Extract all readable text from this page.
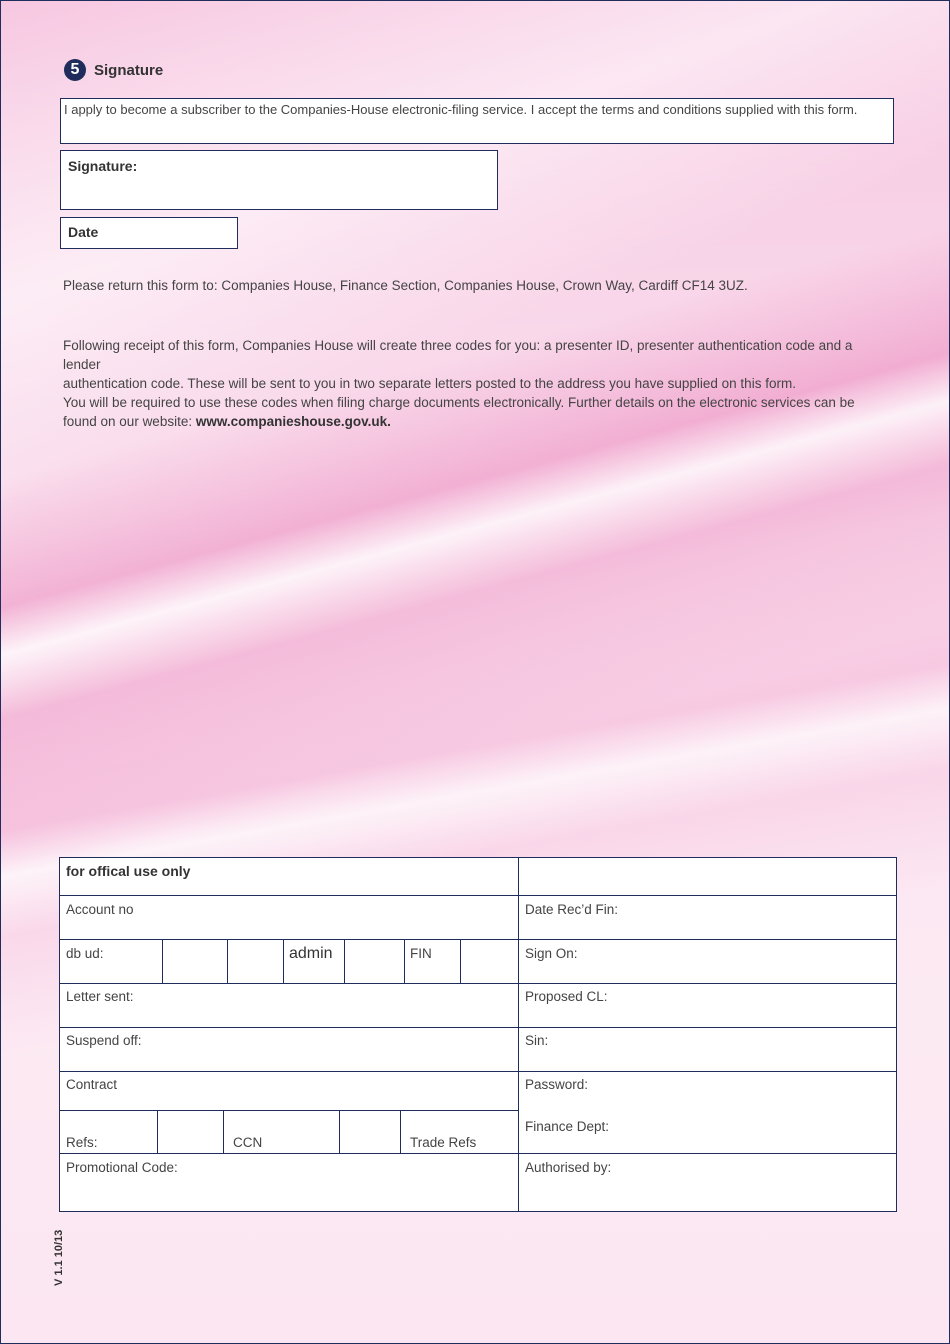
5 Signature
I apply to become a subscriber to the Companies-House electronic-filing service. I accept the terms and conditions supplied with this form.
Signature:
Date
Please return this form to: Companies House, Finance Section, Companies House, Crown Way, Cardiff CF14 3UZ.
Following receipt of this form, Companies House will create three codes for you: a presenter ID, presenter authentication code and a lender
authentication code. These will be sent to you in two separate letters posted to the address you have supplied on this form.
You will be required to use these codes when filing charge documents electronically. Further details on the electronic services can be
found on our website: www.companieshouse.gov.uk.
for offical use only
Account no	Date Rec’d Fin:
db ud:	admin	FIN	Sign On:
Letter sent:	Proposed CL:
Suspend off:	Sin:
Contract	Password:
Refs:	CCN	Trade Refs
Finance Dept:
Promotional Code:	Authorised by:
V 1.1 10/13
